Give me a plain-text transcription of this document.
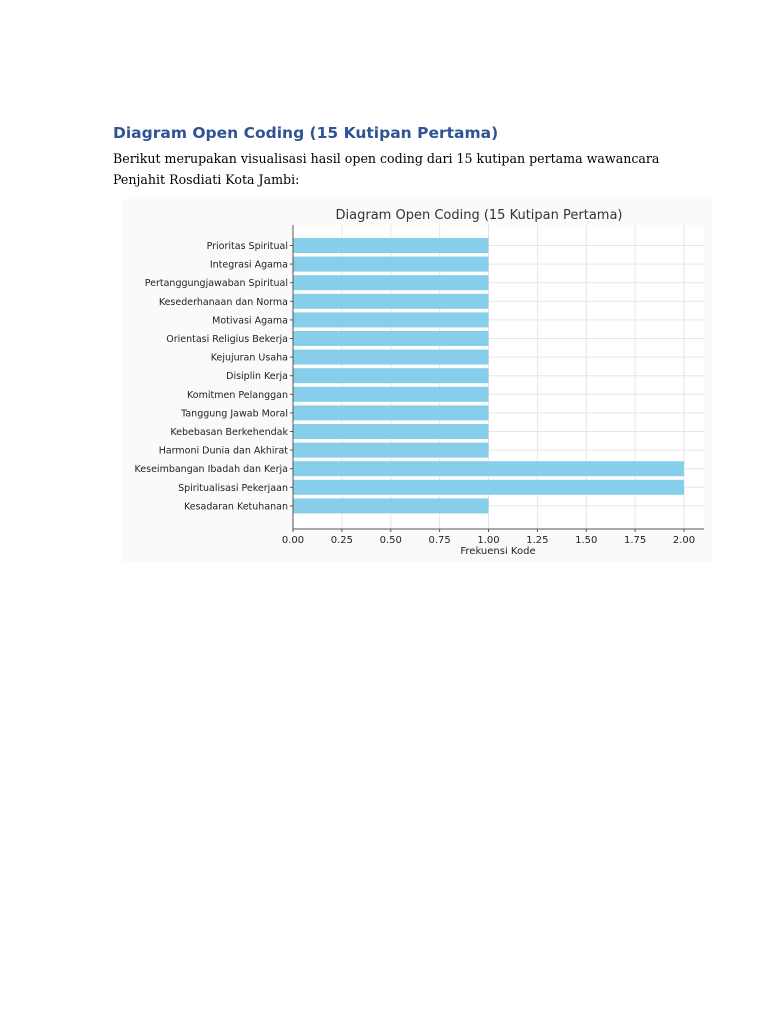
Diagram Open Coding (15 Kutipan Pertama)

Berikut merupakan visualisasi hasil open coding dari 15 kutipan pertama wawancara
Penjahit Rosdiati Kota Jambi:

Prioritas Spiritual
Integrasi Agama
Pertanggungjawaban Spiritual
Kesederhanaan dan Norma
Motivasi Agama
Orientasi Religius Bekerja
Kejujuran Usaha
Disiplin Kerja
Komitmen Pelanggan
Tanggung Jawab Moral
Kebebasan Berkehendak
Harmoni Dunia dan Akhirat
Keseimbangan Ibadah dan Kerja
Spiritualisasi Pekerjaan
Kesadaran Ketuhanan
0.00	0.25	0.50	0.75	1.00	1.25	1.50	1.75	2.00
Diagram Open Coding (15 Kutipan Pertama)
Frekuensi Kode
